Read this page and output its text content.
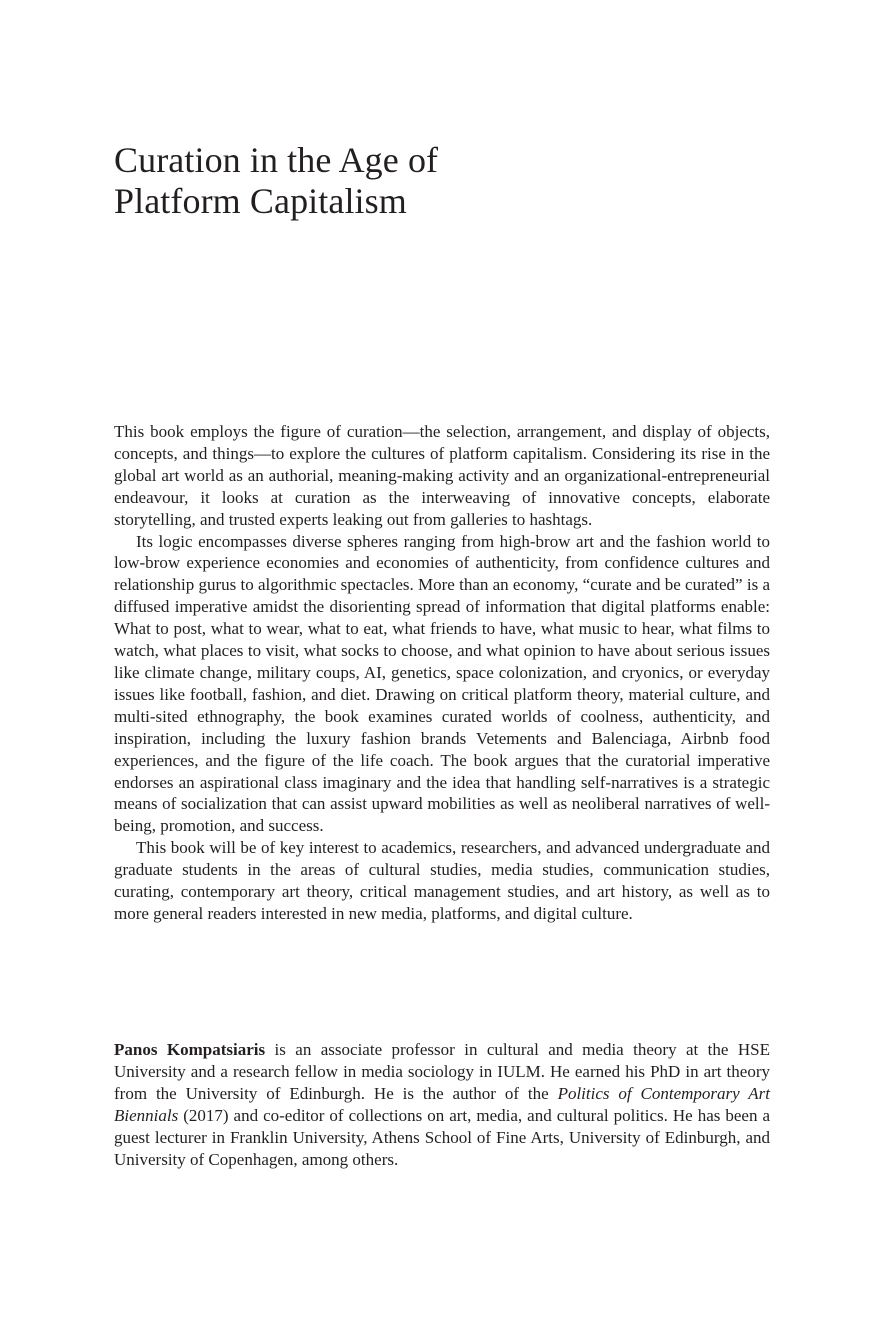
Curation in the Age of
Platform Capitalism

This book employs the figure of curation—the selection, arrangement, and display of objects, concepts, and things—to explore the cultures of platform capitalism. Considering its rise in the global art world as an authorial, meaning-making activity and an organizational-entrepreneurial endeavour, it looks at curation as the interweaving of innovative concepts, elaborate storytelling, and trusted experts leaking out from galleries to hashtags.

Its logic encompasses diverse spheres ranging from high-brow art and the fashion world to low-brow experience economies and economies of authenticity, from confidence cultures and relationship gurus to algorithmic spectacles. More than an economy, “curate and be curated” is a diffused imperative amidst the disorienting spread of information that digital platforms enable: What to post, what to wear, what to eat, what friends to have, what music to hear, what films to watch, what places to visit, what socks to choose, and what opinion to have about serious issues like climate change, military coups, AI, genetics, space colonization, and cryonics, or everyday issues like football, fashion, and diet. Drawing on critical platform theory, material culture, and multi-sited ethnography, the book examines curated worlds of coolness, authenticity, and inspiration, including the luxury fashion brands Vetements and Balenciaga, Airbnb food experiences, and the figure of the life coach. The book argues that the curatorial imperative endorses an aspirational class imaginary and the idea that handling self-narratives is a strategic means of socialization that can assist upward mobilities as well as neoliberal narratives of well-being, promotion, and success.

This book will be of key interest to academics, researchers, and advanced undergraduate and graduate students in the areas of cultural studies, media studies, communication studies, curating, contemporary art theory, critical management studies, and art history, as well as to more general readers interested in new media, platforms, and digital culture.

Panos Kompatsiaris is an associate professor in cultural and media theory at the HSE University and a research fellow in media sociology in IULM. He earned his PhD in art theory from the University of Edinburgh. He is the author of the Politics of Contemporary Art Biennials (2017) and co-editor of collections on art, media, and cultural politics. He has been a guest lecturer in Franklin University, Athens School of Fine Arts, University of Edinburgh, and University of Copenhagen, among others.
